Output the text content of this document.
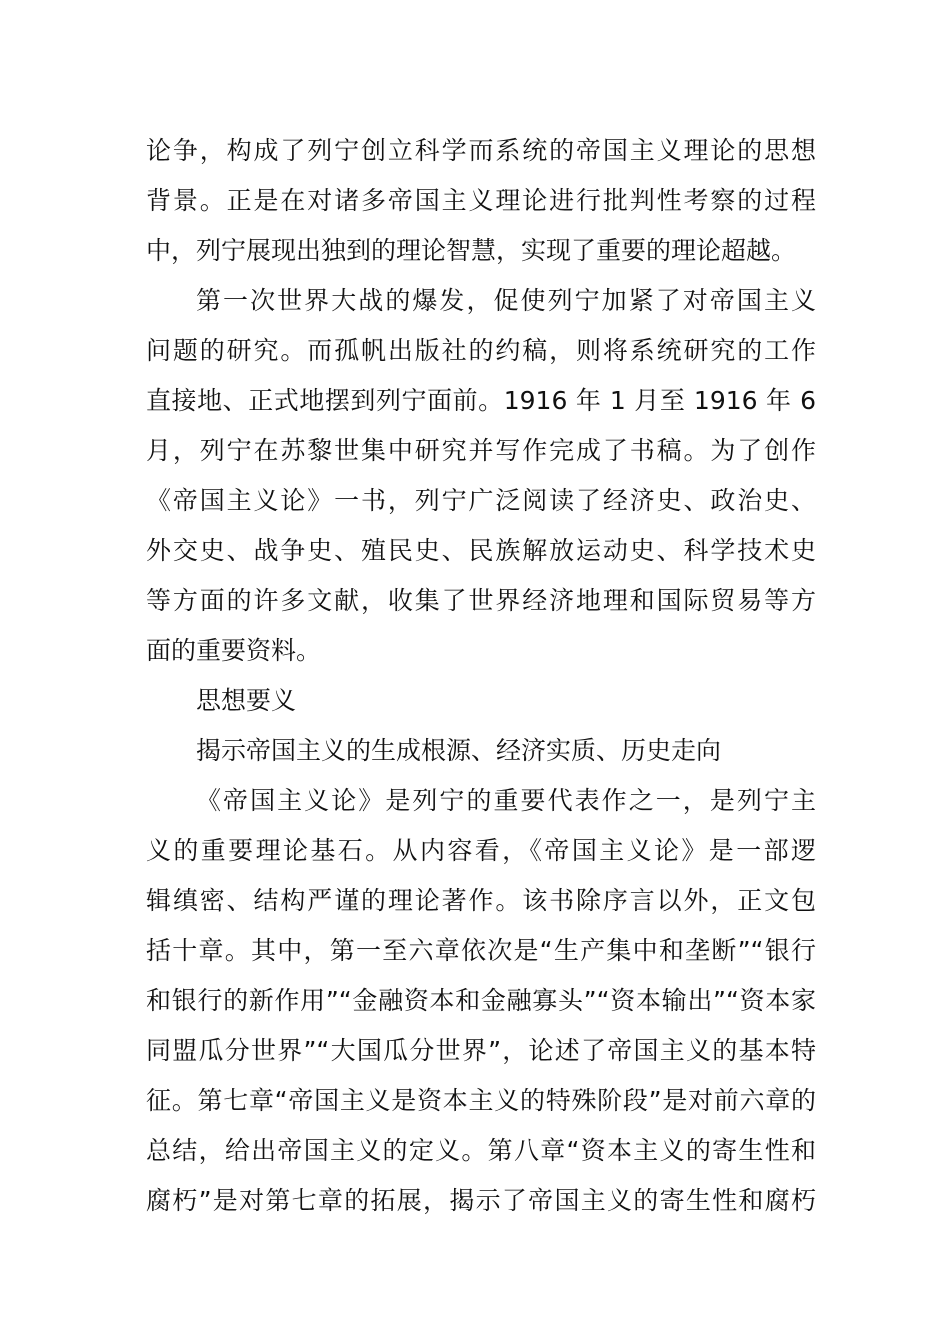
论争，构成了列宁创立科学而系统的帝国主义理论的思想
背景。正是在对诸多帝国主义理论进行批判性考察的过程
中，列宁展现出独到的理论智慧，实现了重要的理论超越。
第一次世界大战的爆发，促使列宁加紧了对帝国主义
问题的研究。而孤帆出版社的约稿，则将系统研究的工作
直接地、正式地摆到列宁面前。1916 年 1 月至 1916 年 6
月，列宁在苏黎世集中研究并写作完成了书稿。为了创作
《帝国主义论》一书，列宁广泛阅读了经济史、政治史、
外交史、战争史、殖民史、民族解放运动史、科学技术史
等方面的许多文献，收集了世界经济地理和国际贸易等方
面的重要资料。
思想要义
揭示帝国主义的生成根源、经济实质、历史走向
《帝国主义论》是列宁的重要代表作之一，是列宁主
义的重要理论基石。从内容看，《帝国主义论》是一部逻
辑缜密、结构严谨的理论著作。该书除序言以外，正文包
括十章。其中，第一至六章依次是“生产集中和垄断”“银行
和银行的新作用”“金融资本和金融寡头”“资本输出”“资本家
同盟瓜分世界”“大国瓜分世界”，论述了帝国主义的基本特
征。第七章“帝国主义是资本主义的特殊阶段”是对前六章的
总结，给出帝国主义的定义。第八章“资本主义的寄生性和
腐朽”是对第七章的拓展，揭示了帝国主义的寄生性和腐朽
